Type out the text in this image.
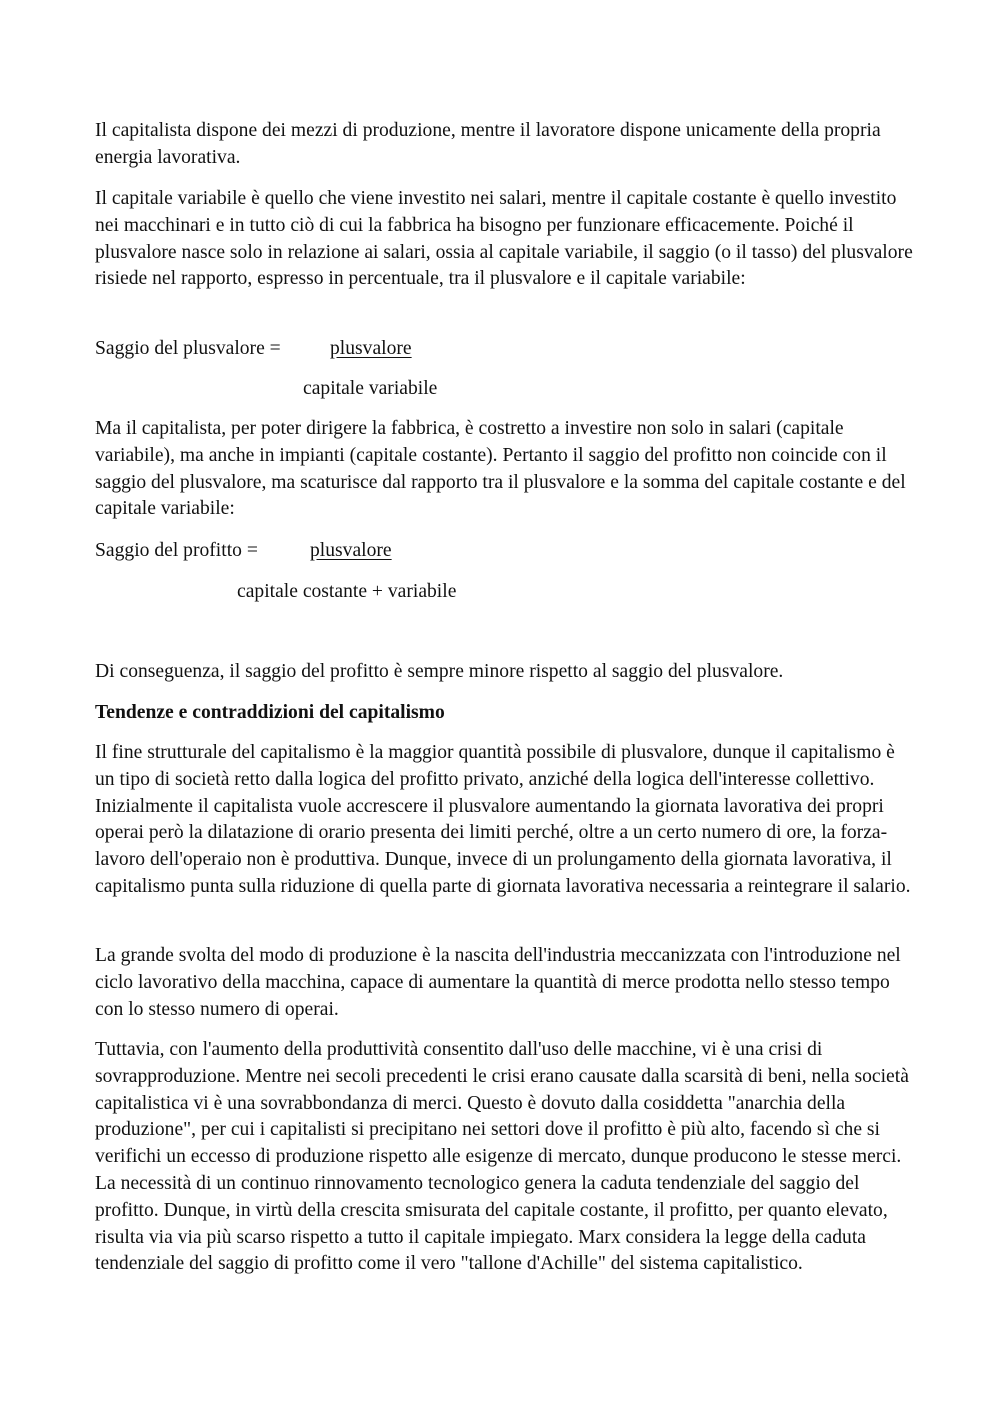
Il capitalista dispone dei mezzi di produzione, mentre il lavoratore dispone unicamente della propria energia lavorativa.

Il capitale variabile è quello che viene investito nei salari, mentre il capitale costante è quello investito nei macchinari e in tutto ciò di cui la fabbrica ha bisogno per funzionare efficacemente. Poiché il plusvalore nasce solo in relazione ai salari, ossia al capitale variabile, il saggio (o il tasso) del plusvalore risiede nel rapporto, espresso in percentuale, tra il plusvalore e il capitale variabile:

Saggio del plusvalore =	plusvalore
capitale variabile

Ma il capitalista, per poter dirigere la fabbrica, è costretto a investire non solo in salari (capitale variabile), ma anche in impianti (capitale costante). Pertanto il saggio del profitto non coincide con il saggio del plusvalore, ma scaturisce dal rapporto tra il plusvalore e la somma del capitale costante e del capitale variabile:

Saggio del profitto =	plusvalore
capitale costante + variabile

Di conseguenza, il saggio del profitto è sempre minore rispetto al saggio del plusvalore.

Tendenze e contraddizioni del capitalismo

Il fine strutturale del capitalismo è la maggior quantità possibile di plusvalore, dunque il capitalismo è un tipo di società retto dalla logica del profitto privato, anziché della logica dell'interesse collettivo. Inizialmente il capitalista vuole accrescere il plusvalore aumentando la giornata lavorativa dei propri operai però la dilatazione di orario presenta dei limiti perché, oltre a un certo numero di ore, la forza-lavoro dell'operaio non è produttiva. Dunque, invece di un prolungamento della giornata lavorativa, il capitalismo punta sulla riduzione di quella parte di giornata lavorativa necessaria a reintegrare il salario.

La grande svolta del modo di produzione è la nascita dell'industria meccanizzata con l'introduzione nel ciclo lavorativo della macchina, capace di aumentare la quantità di merce prodotta nello stesso tempo con lo stesso numero di operai.

Tuttavia, con l'aumento della produttività consentito dall'uso delle macchine, vi è una crisi di sovrapproduzione. Mentre nei secoli precedenti le crisi erano causate dalla scarsità di beni, nella società capitalistica vi è una sovrabbondanza di merci. Questo è dovuto dalla cosiddetta "anarchia della produzione", per cui i capitalisti si precipitano nei settori dove il profitto è più alto, facendo sì che si verifichi un eccesso di produzione rispetto alle esigenze di mercato, dunque producono le stesse merci. La necessità di un continuo rinnovamento tecnologico genera la caduta tendenziale del saggio del profitto. Dunque, in virtù della crescita smisurata del capitale costante, il profitto, per quanto elevato, risulta via via più scarso rispetto a tutto il capitale impiegato. Marx considera la legge della caduta tendenziale del saggio di profitto come il vero "tallone d'Achille" del sistema capitalistico.
